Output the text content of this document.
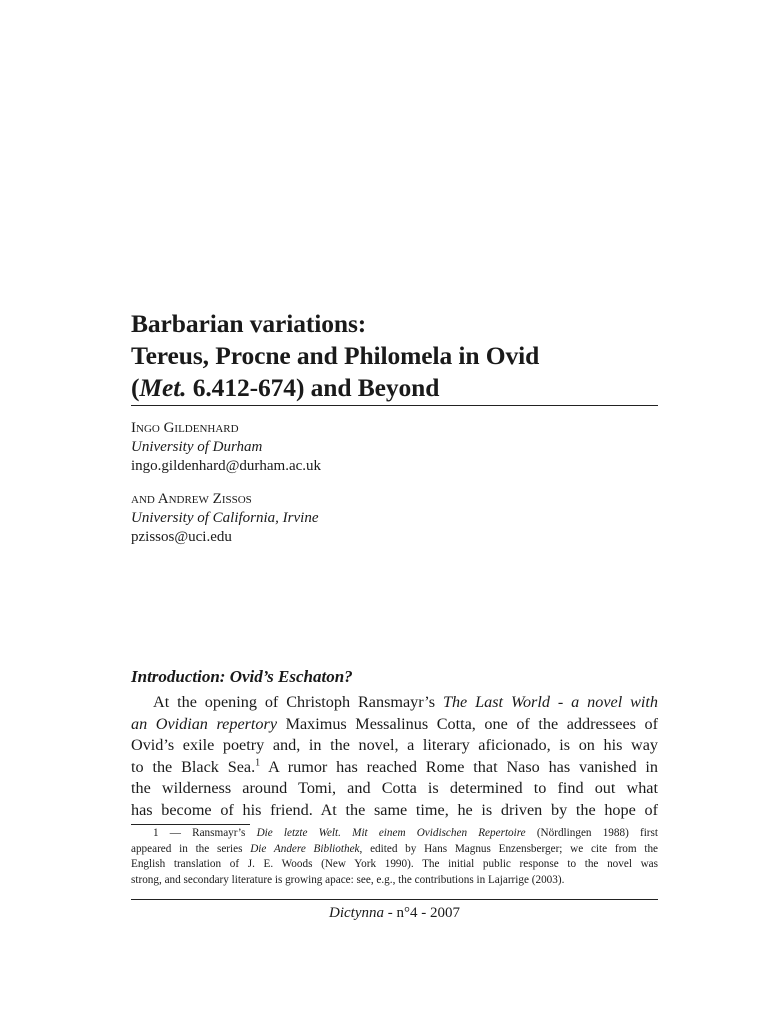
Barbarian variations:
Tereus, Procne and Philomela in Ovid
(Met. 6.412-674) and Beyond
Ingo Gildenhard
University of Durham
ingo.gildenhard@durham.ac.uk
and Andrew Zissos
University of California, Irvine
pzissos@uci.edu
Introduction: Ovid’s Eschaton?
At the opening of Christoph Ransmayr’s The Last World - a novel with
an Ovidian repertory Maximus Messalinus Cotta, one of the addressees of
Ovid’s exile poetry and, in the novel, a literary aficionado, is on his way
to the Black Sea.$^1$ A rumor has reached Rome that Naso has vanished in
the wilderness around Tomi, and Cotta is determined to find out what
has become of his friend. At the same time, he is driven by the hope of
1 — Ransmayr’s Die letzte Welt. Mit einem Ovidischen Repertoire (Nördlingen 1988) first
appeared in the series Die Andere Bibliothek, edited by Hans Magnus Enzensberger; we cite from the
English translation of J. E. Woods (New York 1990). The initial public response to the novel was
strong, and secondary literature is growing apace: see, e.g., the contributions in Lajarrige (2003).
Dictynna - n°4 - 2007
